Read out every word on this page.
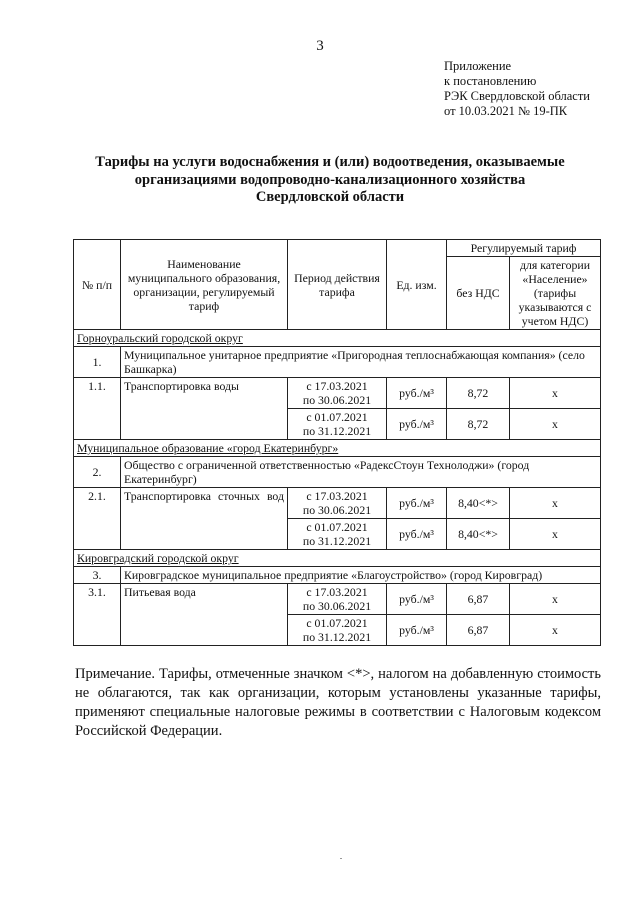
3
Приложение
к постановлению
РЭК Свердловской области
от 10.03.2021 № 19-ПК
Тарифы на услуги водоснабжения и (или) водоотведения, оказываемые
организациями водопроводно-канализационного хозяйства
Свердловской области
№ п/п	Наименование муниципального образования, организации, регулируемый тариф	Период действия тарифа	Ед. изм.	Регулируемый тариф	
				без НДС	для категории «Население» (тарифы указываются с учетом НДС)
Горноуральский городской округ					
1.	Муниципальное унитарное предприятие «Пригородная теплоснабжающая компания» (село Башкарка)				
1.1.	Транспортировка воды	с 17.03.2021
по 30.06.2021	руб./м³	8,72	x

		с 01.07.2021
по 31.12.2021	руб./м³	8,72	x
Муниципальное образование «город Екатеринбург»					
2.	Общество с ограниченной ответственностью «РадексСтоун Технолоджи» (город Екатеринбург)				
2.1.	Транспортировка сточных вод	с 17.03.2021
по 30.06.2021	руб./м³	8,40<*>	x

		с 01.07.2021
по 31.12.2021	руб./м³	8,40<*>	x
Кировградский городской округ					
3.	Кировградское муниципальное предприятие «Благоустройство» (город Кировград)				
3.1.	Питьевая вода	с 17.03.2021
по 30.06.2021	руб./м³	6,87	x

		с 01.07.2021
по 31.12.2021	руб./м³	6,87	x
Примечание. Тарифы, отмеченные значком <*>, налогом на добавленную стоимость не облагаются, так как организации, которым установлены указанные тарифы, применяют специальные налоговые режимы в соответствии с Налоговым кодексом Российской Федерации.
